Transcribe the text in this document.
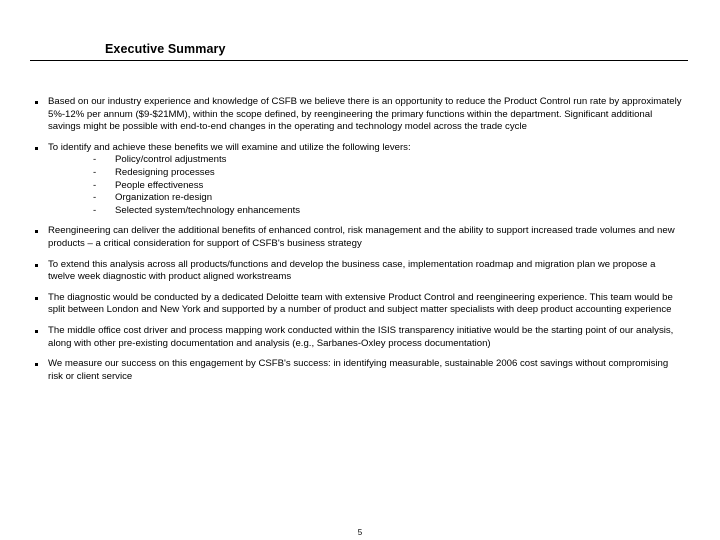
Executive Summary
Based on our industry experience and knowledge of CSFB we believe there is an opportunity to reduce the Product Control run rate by approximately 5%-12% per annum ($9-$21MM), within the scope defined, by reengineering the primary functions within the department. Significant additional savings might be possible with end-to-end changes in the operating and technology model across the trade cycle
To identify and achieve these benefits we will examine and utilize the following levers:
- Policy/control adjustments
- Redesigning processes
- People effectiveness
- Organization re-design
- Selected system/technology enhancements
Reengineering can deliver the additional benefits of enhanced control, risk management and the ability to support increased trade volumes and new products – a critical consideration for support of CSFB's business strategy
To extend this analysis across all products/functions and develop the business case, implementation roadmap and migration plan we propose a twelve week diagnostic with product aligned workstreams
The diagnostic would be conducted by a dedicated Deloitte team with extensive Product Control and reengineering experience. This team would be split between London and New York and supported by a number of product and subject matter specialists with deep product accounting experience
The middle office cost driver and process mapping work conducted within the ISIS transparency initiative would be the starting point of our analysis, along with other pre-existing documentation and analysis (e.g., Sarbanes-Oxley process documentation)
We measure our success on this engagement by CSFB's success: in identifying measurable, sustainable 2006 cost savings without compromising risk or client service
5
